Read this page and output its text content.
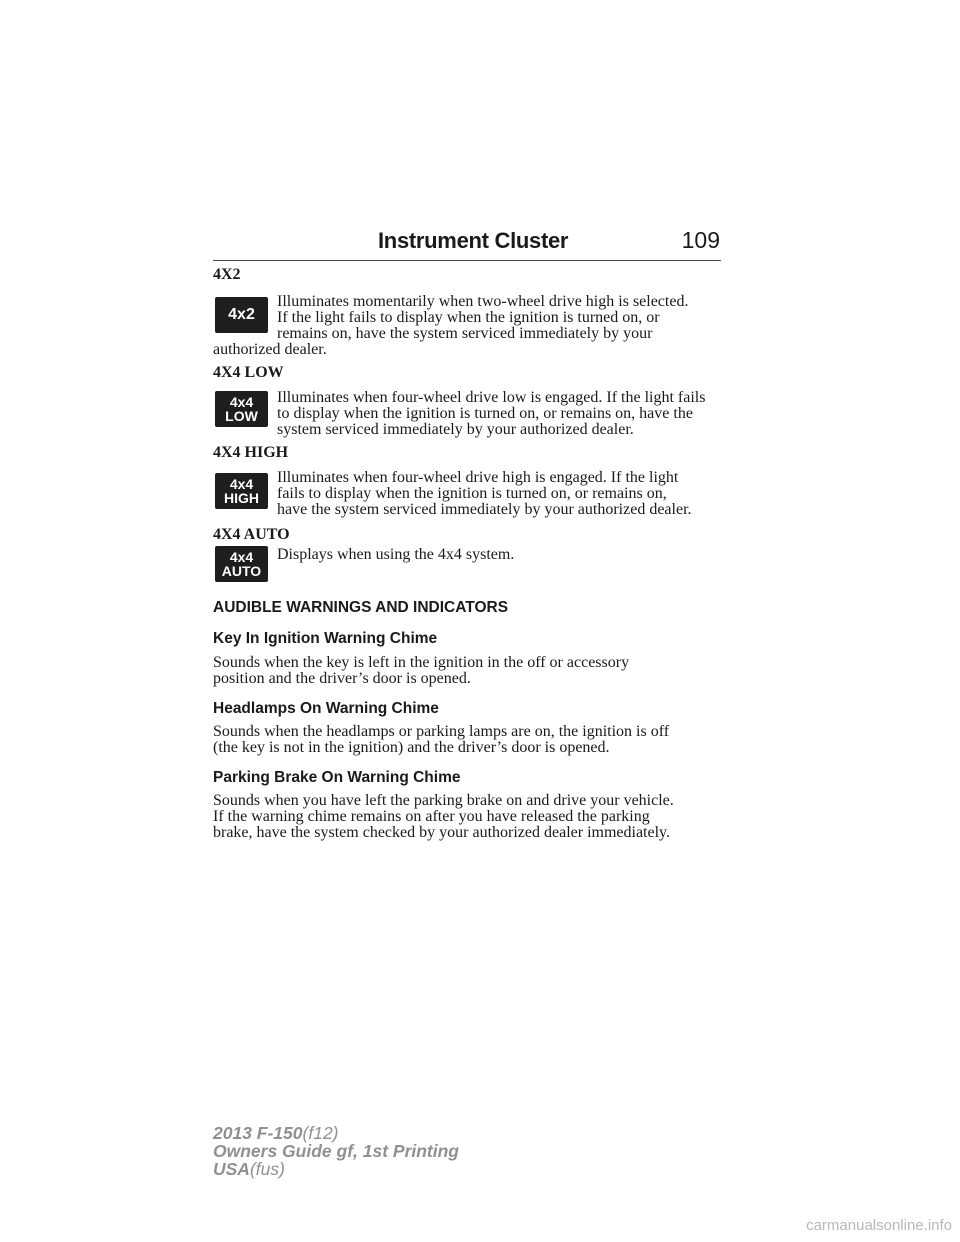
Instrument Cluster	109
4X2
4x2
Illuminates momentarily when two-wheel drive high is selected.
If the light fails to display when the ignition is turned on, or
remains on, have the system serviced immediately by your
authorized dealer.
4X4 LOW
4x4
LOW
Illuminates when four-wheel drive low is engaged. If the light fails
to display when the ignition is turned on, or remains on, have the
system serviced immediately by your authorized dealer.
4X4 HIGH
4x4
HIGH
Illuminates when four-wheel drive high is engaged. If the light
fails to display when the ignition is turned on, or remains on,
have the system serviced immediately by your authorized dealer.
4X4 AUTO
4x4
AUTO
Displays when using the 4x4 system.
AUDIBLE WARNINGS AND INDICATORS
Key In Ignition Warning Chime
Sounds when the key is left in the ignition in the off or accessory
position and the driver’s door is opened.
Headlamps On Warning Chime
Sounds when the headlamps or parking lamps are on, the ignition is off
(the key is not in the ignition) and the driver’s door is opened.
Parking Brake On Warning Chime
Sounds when you have left the parking brake on and drive your vehicle.
If the warning chime remains on after you have released the parking
brake, have the system checked by your authorized dealer immediately.
2013 F-150(f12)
Owners Guide gf, 1st Printing
USA(fus)
carmanualsonline.info
